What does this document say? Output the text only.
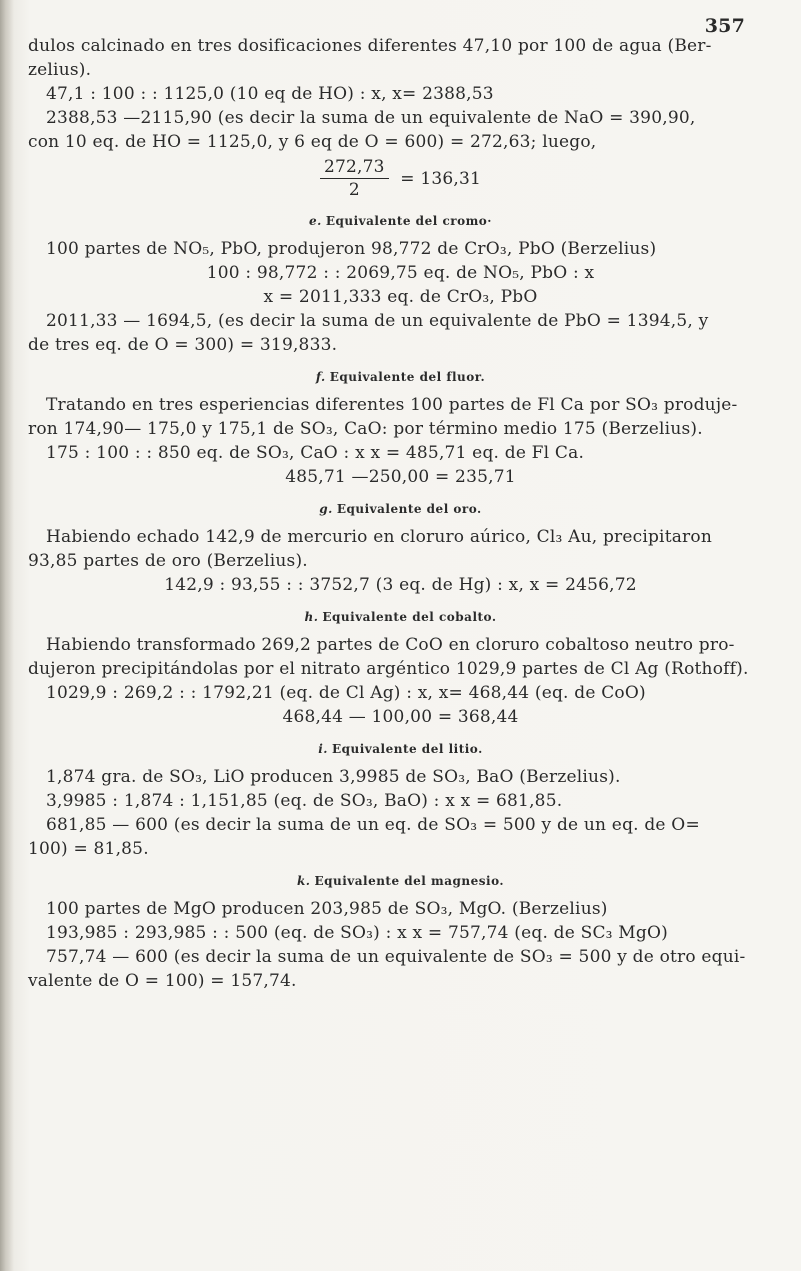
357

dulos calcinado en tres dosificaciones diferentes 47,10 por 100 de agua (Ber-

zelius).

47,1 : 100 : : 1125,0 (10 eq de HO) : x, x= 2388,53

2388,53 —2115,90 (es decir la suma de un equivalente de NaO = 390,90,

con 10 eq. de HO = 1125,0, y 6 eq de O = 600) = 272,63; luego,

$\frac{272,73}{2} = 136,31$
e. Equivalente del cromo·

100 partes de NO₅, PbO, produjeron 98,772 de CrO₃, PbO (Berzelius)

100 : 98,772 : : 2069,75 eq. de NO₅, PbO : x

x = 2011,333 eq. de CrO₃, PbO

2011,33 — 1694,5, (es decir la suma de un equivalente de PbO = 1394,5, y

de tres eq. de O = 300) = 319,833.

f. Equivalente del fluor.

Tratando en tres esperiencias diferentes 100 partes de Fl Ca por SO₃ produje-

ron 174,90— 175,0 y 175,1 de SO₃, CaO: por término medio 175 (Berzelius).

175 : 100 : : 850 eq. de SO₃, CaO : x x = 485,71 eq. de Fl Ca.

485,71 —250,00 = 235,71

g. Equivalente del oro.

Habiendo echado 142,9 de mercurio en cloruro aúrico, Cl₃ Au, precipitaron

93,85 partes de oro (Berzelius).

142,9 : 93,55 : : 3752,7 (3 eq. de Hg) : x, x = 2456,72

h. Equivalente del cobalto.

Habiendo transformado 269,2 partes de CoO en cloruro cobaltoso neutro pro-

dujeron precipitándolas por el nitrato argéntico 1029,9 partes de Cl Ag (Rothoff).

1029,9 : 269,2 : : 1792,21 (eq. de Cl Ag) : x, x= 468,44 (eq. de CoO)

468,44 — 100,00 = 368,44

i. Equivalente del litio.

1,874 gra. de SO₃, LiO producen 3,9985 de SO₃, BaO (Berzelius).

3,9985 : 1,874 : 1,151,85 (eq. de SO₃, BaO) : x x = 681,85.

681,85 — 600 (es decir la suma de un eq. de SO₃ = 500 y de un eq. de O=

100) = 81,85.

k. Equivalente del magnesio.

100 partes de MgO producen 203,985 de SO₃, MgO. (Berzelius)

193,985 : 293,985 : : 500 (eq. de SO₃) : x x = 757,74 (eq. de SC₃ MgO)

757,74 — 600 (es decir la suma de un equivalente de SO₃ = 500 y de otro equi-

valente de O = 100) = 157,74.
